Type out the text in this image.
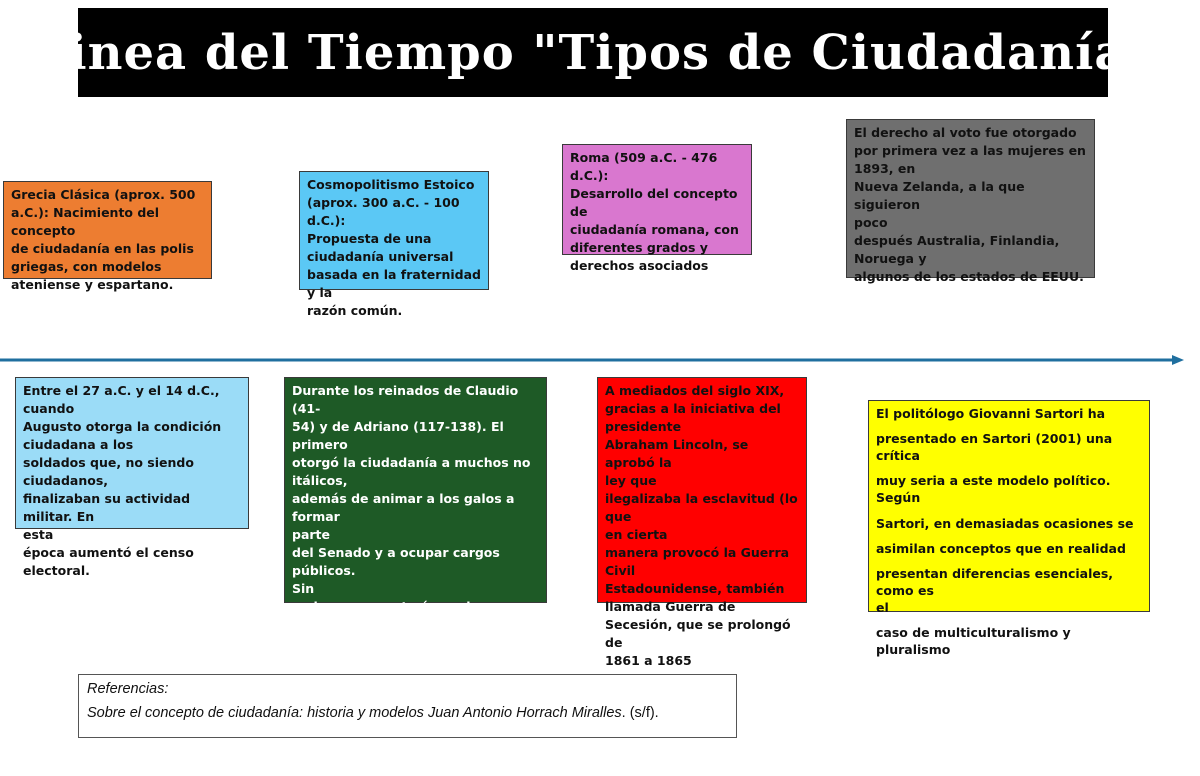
Linea del Tiempo "Tipos de Ciudadanía"
Grecia Clásica (aprox. 500
a.C.): Nacimiento del concepto
de ciudadanía en las polis
griegas, con modelos
ateniense y espartano.
Cosmopolitismo Estoico
(aprox. 300 a.C. - 100 d.C.):
Propuesta de una
ciudadanía universal
basada en la fraternidad y la
razón común.
Roma (509 a.C. - 476 d.C.):
Desarrollo del concepto de
ciudadanía romana, con
diferentes grados y
derechos asociados
El derecho al voto fue otorgado
por primera vez a las mujeres en
1893, en
Nueva Zelanda, a la que siguieron
poco
después Australia, Finlandia,
Noruega y
algunos de los estados de EEUU.
Entre el 27 a.C. y el 14 d.C., cuando
Augusto otorga la condición
ciudadana a los
soldados que, no siendo
ciudadanos,
finalizaban su actividad militar. En
esta
época aumentó el censo electoral.
Durante los reinados de Claudio (41-
54) y de Adriano (117-138). El primero
otorgó la ciudadanía a muchos no
itálicos,
además de animar a los galos a formar
parte
del Senado y a ocupar cargos públicos.
Sin
embargo, en esta época las diferencias
de
clase, entre los de clase superior
(honestiores) y los de inferior
A mediados del siglo XIX,
gracias a la iniciativa del
presidente
Abraham Lincoln, se aprobó la
ley que
ilegalizaba la esclavitud (lo que
en cierta
manera provocó la Guerra Civil
Estadounidense, también
llamada Guerra de
Secesión, que se prolongó de
1861 a 1865
El politólogo Giovanni Sartori ha
presentado en Sartori (2001) una crítica
muy seria a este modelo político. Según
Sartori, en demasiadas ocasiones se
asimilan conceptos que en realidad
presentan diferencias esenciales, como es
el
caso de multiculturalismo y pluralismo
Referencias:
Sobre el concepto de ciudadanía: historia y modelos Juan Antonio Horrach Miralles. (s/f).
